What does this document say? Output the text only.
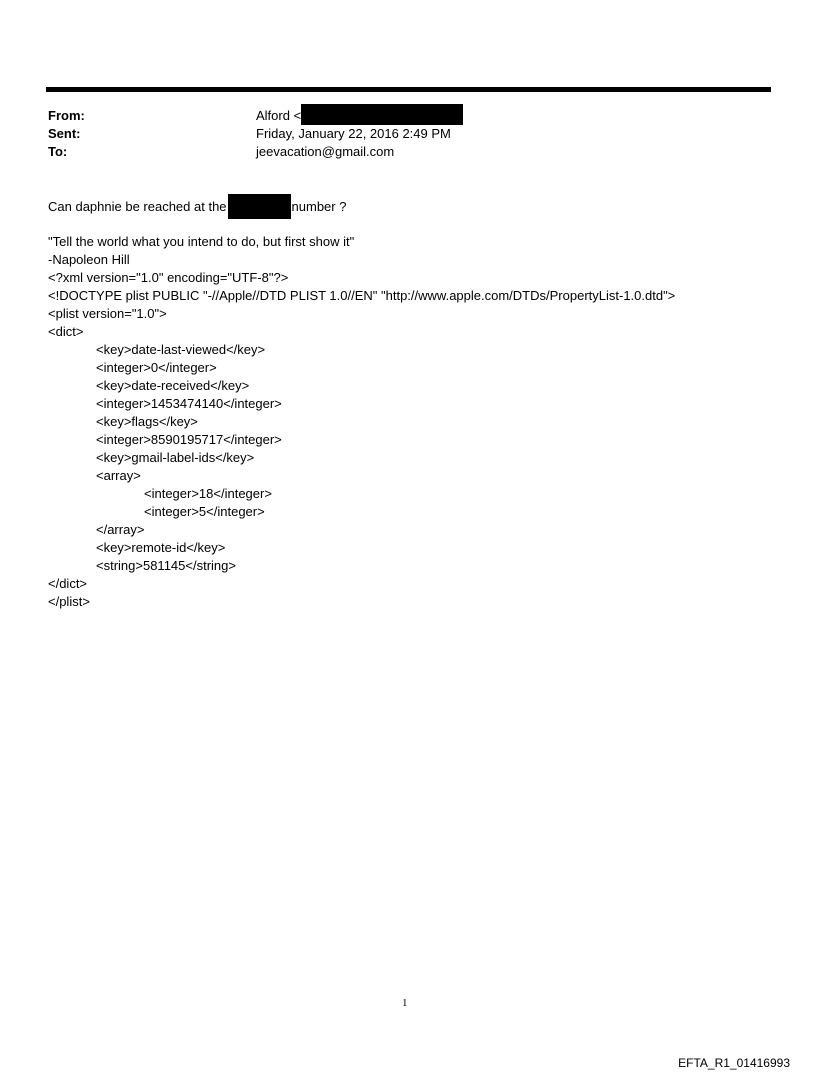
From:	Alford <
Sent:	Friday, January 22, 2016 2:49 PM
To:	jeevacation@gmail.com
Can daphnie be reached at the	number ?
"Tell the world what you intend to do, but first show it"
-Napoleon Hill
<?xml version="1.0" encoding="UTF-8"?>
<!DOCTYPE plist PUBLIC "-//Apple//DTD PLIST 1.0//EN" "http://www.apple.com/DTDs/PropertyList-1.0.dtd">
<plist version="1.0">
<dict>
<key>date-last-viewed</key>
<integer>0</integer>
<key>date-received</key>
<integer>1453474140</integer>
<key>flags</key>
<integer>8590195717</integer>
<key>gmail-label-ids</key>
<array>
<integer>18</integer>
<integer>5</integer>
</array>
<key>remote-id</key>
<string>581145</string>
</dict>
</plist>
1
EFTA_R1_01416993
